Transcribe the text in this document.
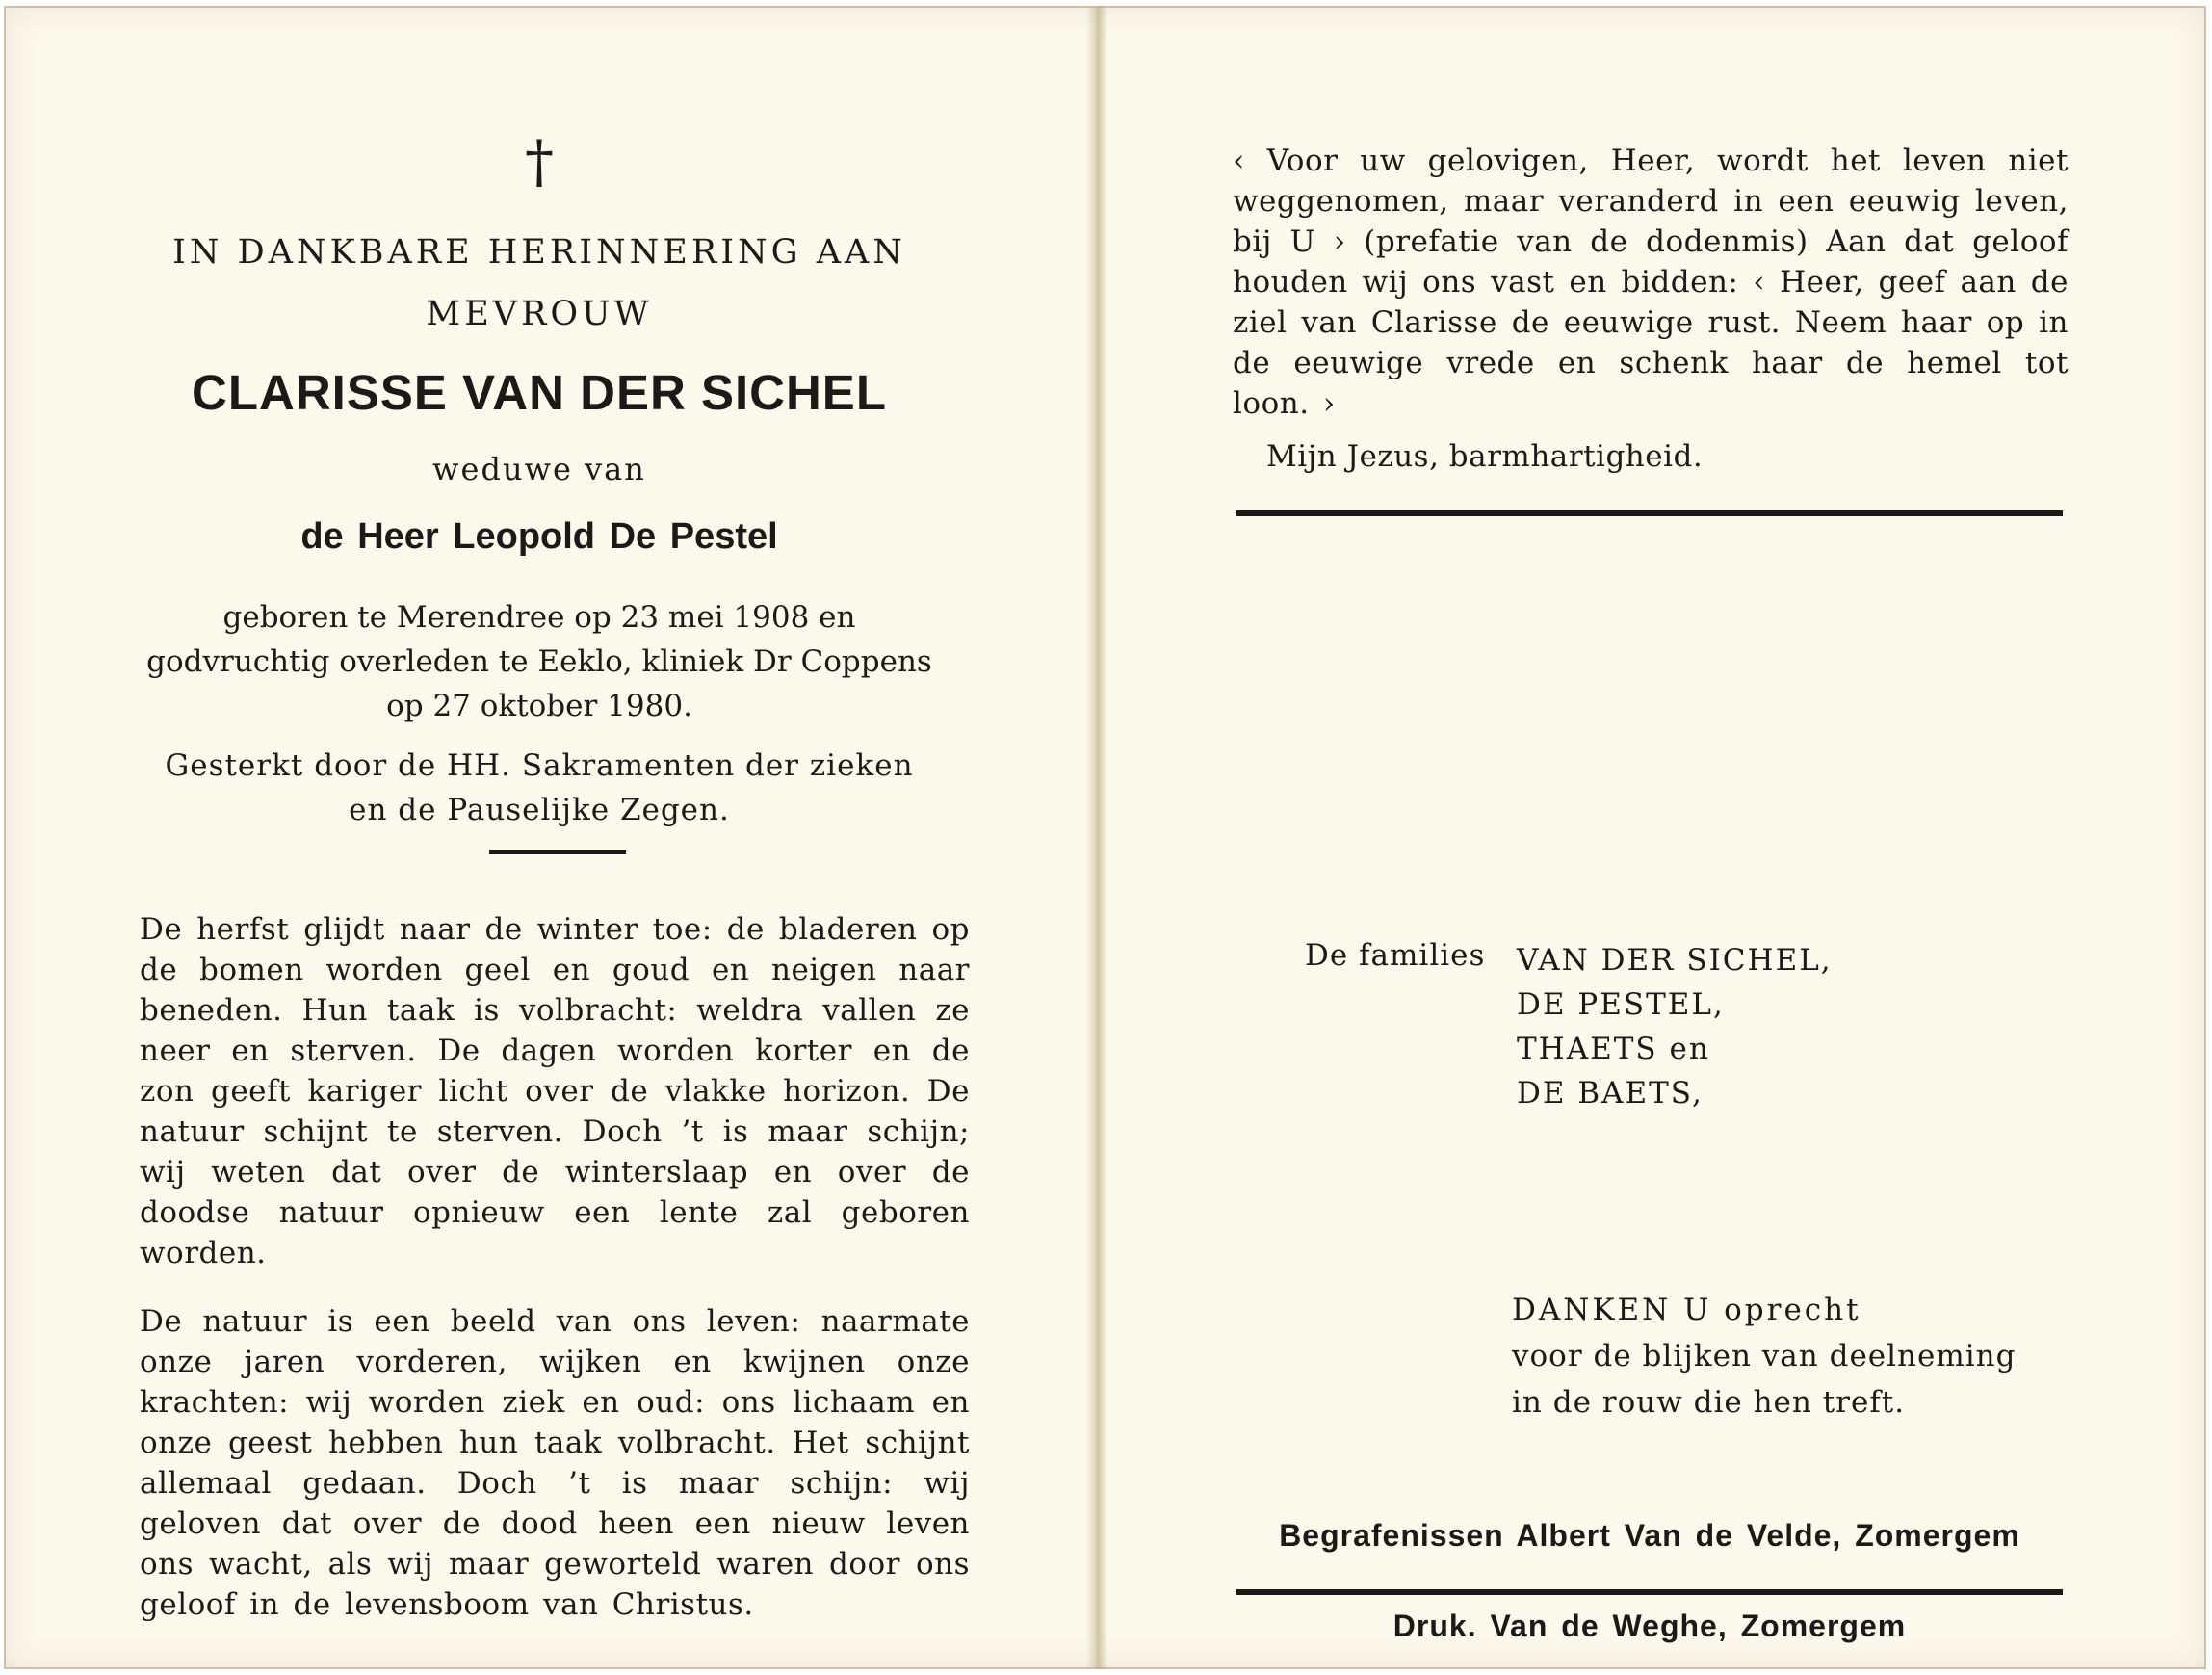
†
IN DANKBARE HERINNERING AAN
MEVROUW
CLARISSE VAN DER SICHEL
weduwe van
de Heer Leopold De Pestel
geboren te Merendree op 23 mei 1908 en
godvruchtig overleden te Eeklo, kliniek Dr Coppens
op 27 oktober 1980.
Gesterkt door de HH. Sakramenten der zieken
en de Pauselijke Zegen.
De herfst glijdt naar de winter toe: de bladeren op de bomen worden geel en goud en neigen naar beneden. Hun taak is volbracht: weldra vallen ze neer en sterven. De dagen worden korter en de zon geeft kariger licht over de vlakke horizon. De natuur schijnt te sterven. Doch ’t is maar schijn; wij weten dat over de winterslaap en over de doodse natuur opnieuw een lente zal geboren worden.
De natuur is een beeld van ons leven: naarmate onze jaren vorderen, wijken en kwijnen onze krachten: wij worden ziek en oud: ons lichaam en onze geest hebben hun taak volbracht. Het schijnt allemaal gedaan. Doch ’t is maar schijn: wij geloven dat over de dood heen een nieuw leven ons wacht, als wij maar geworteld waren door ons geloof in de levensboom van Christus.
‹ Voor uw gelovigen, Heer, wordt het leven niet weggenomen, maar veranderd in een eeuwig leven, bij U › (prefatie van de dodenmis) Aan dat geloof houden wij ons vast en bidden: ‹ Heer, geef aan de ziel van Clarisse de eeuwige rust. Neem haar op in de eeuwige vrede en schenk haar de hemel tot loon. ›
Mijn Jezus, barmhartigheid.
De families	VAN DER SICHEL,
DE PESTEL,
THAETS en
DE BAETS,
DANKEN U oprecht
voor de blijken van deelneming
in de rouw die hen treft.
Begrafenissen Albert Van de Velde, Zomergem
Druk. Van de Weghe, Zomergem
